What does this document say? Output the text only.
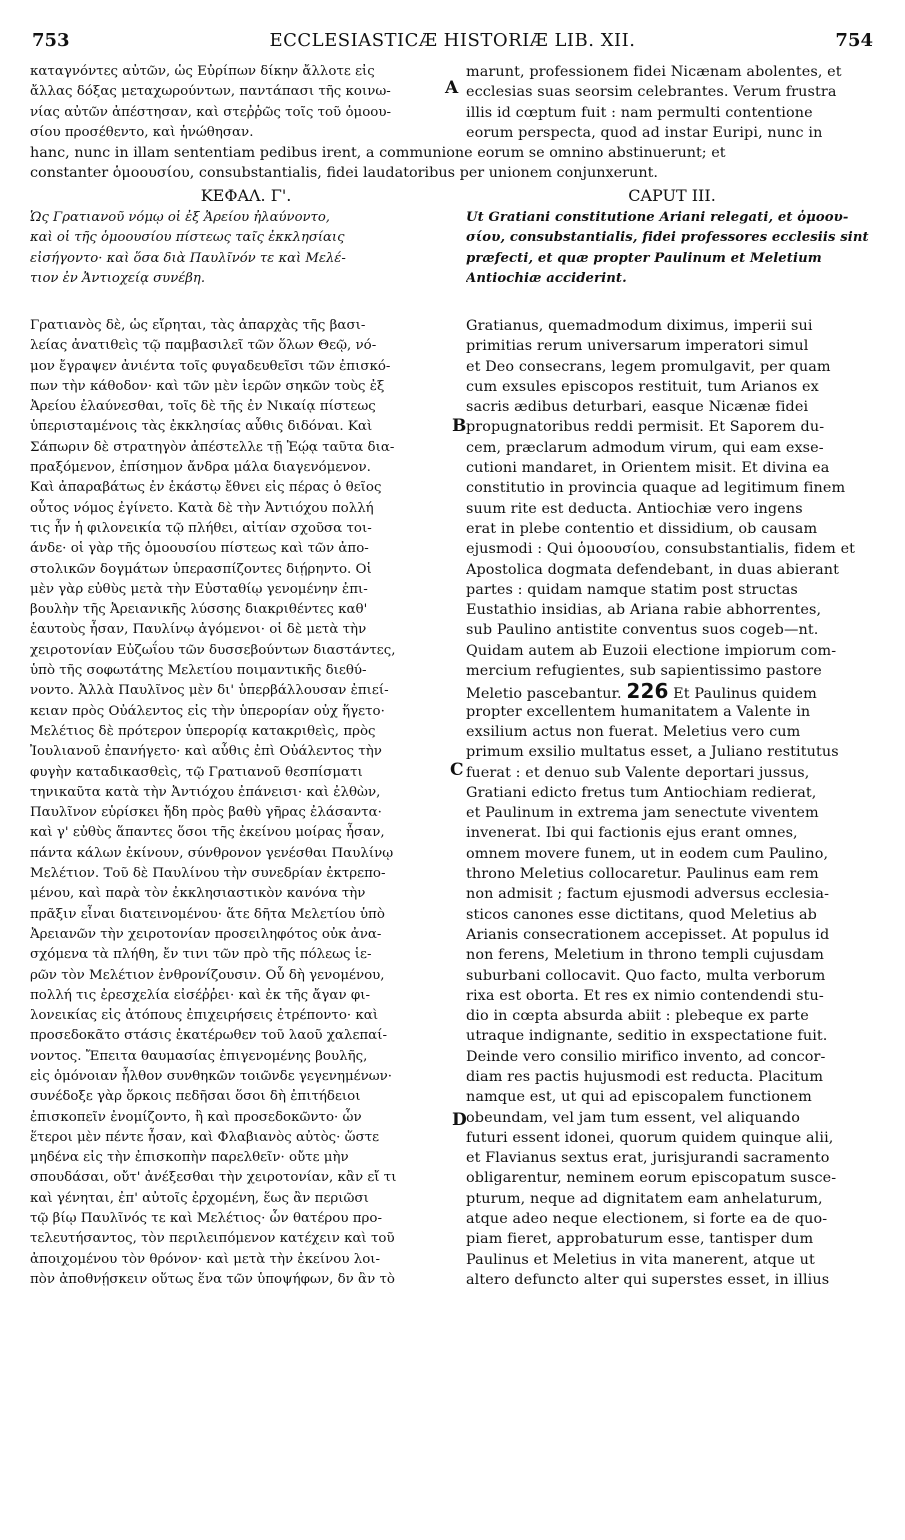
753	ECCLESIASTICÆ HISTORIÆ LIB. XII.	754
καταγνόντες αὐτῶν, ὡς Εὐρίπων δίκην ἄλλοτε εἰς
ἄλλας δόξας μεταχωρούντων, παντάπασι τῆς κοινω-
νίας αὐτῶν ἀπέστησαν, καὶ στεῤῥῶς τοῖς τοῦ ὁμοου-
σίου προσέθεντο, καὶ ἡνώθησαν.
marunt, professionem fidei Nicænam abolentes, et
ecclesias suas seorsim celebrantes. Verum frustra
illis id cœptum fuit : nam permulti contentione
eorum perspecta, quod ad instar Euripi, nunc in
hanc, nunc in illam sententiam pedibus irent, a communione eorum se omnino abstinuerunt; et
constanter ὁμοουσίου, consubstantialis, fidei laudatoribus per unionem conjunxerunt.
ΚΕΦΑΛ. Γ'.	CAPUT III.
Ὡς Γρατιανοῦ νόμῳ οἱ ἐξ Ἀρείου ἠλαύνοντο,
καὶ οἱ τῆς ὁμοουσίου πίστεως ταῖς ἐκκλησίαις
εἰσήγοντο· καὶ ὅσα διὰ Παυλῖνόν τε καὶ Μελέ-
τιον ἐν Ἀντιοχείᾳ συνέβη.
Ut Gratiani constitutione Ariani relegati, et ὁμοου-
σίου, consubstantialis, fidei professores ecclesiis sint
præfecti, et quæ propter Paulinum et Meletium
Antiochiæ acciderint.
Γρατιανὸς δὲ, ὡς εἴρηται, τὰς ἀπαρχὰς τῆς βασι-
λείας ἀνατιθεὶς τῷ παμβασιλεῖ τῶν ὅλων Θεῷ, νό-
μον ἔγραψεν ἀνιέντα τοῖς φυγαδευθεῖσι τῶν ἐπισκό-
πων τὴν κάθοδον· καὶ τῶν μὲν ἱερῶν σηκῶν τοὺς ἐξ
Ἀρείου ἐλαύνεσθαι, τοῖς δὲ τῆς ἐν Νικαίᾳ πίστεως
ὑπερισταμένοις τὰς ἐκκλησίας αὖθις διδόναι. Καὶ
Σάπωριν δὲ στρατηγὸν ἀπέστελλε τῇ Ἑῴᾳ ταῦτα δια-
πραξόμενον, ἐπίσημον ἄνδρα μάλα διαγενόμενον.
Καὶ ἀπαραβάτως ἐν ἑκάστῳ ἔθνει εἰς πέρας ὁ θεῖος
οὗτος νόμος ἐγίνετο. Κατὰ δὲ τὴν Ἀντιόχου πολλή
τις ἦν ἡ φιλονεικία τῷ πλήθει, αἰτίαν σχοῦσα τοι-
άνδε· οἱ γὰρ τῆς ὁμοουσίου πίστεως καὶ τῶν ἀπο-
στολικῶν δογμάτων ὑπερασπίζοντες διῄρηντο. Οἱ
μὲν γὰρ εὐθὺς μετὰ τὴν Εὐσταθίῳ γενομένην ἐπι-
βουλὴν τῆς Ἀρειανικῆς λύσσης διακριθέντες καθ'
ἑαυτοὺς ἦσαν, Παυλίνῳ ἀγόμενοι· οἱ δὲ μετὰ τὴν
χειροτονίαν Εὐζωΐου τῶν δυσσεβούντων διαστάντες,
ὑπὸ τῆς σοφωτάτης Μελετίου ποιμαντικῆς διεθύ-
νοντο. Ἀλλὰ Παυλῖνος μὲν δι' ὑπερβάλλουσαν ἐπιεί-
κειαν πρὸς Οὐάλεντος εἰς τὴν ὑπερορίαν οὐχ ἥγετο·
Μελέτιος δὲ πρότερον ὑπερορίᾳ κατακριθεὶς, πρὸς
Ἰουλιανοῦ ἐπανήγετο· καὶ αὖθις ἐπὶ Οὐάλεντος τὴν
φυγὴν καταδικασθεὶς, τῷ Γρατιανοῦ θεσπίσματι
τηνικαῦτα κατὰ τὴν Ἀντιόχου ἐπάνεισι· καὶ ἐλθὼν,
Παυλῖνον εὑρίσκει ἤδη πρὸς βαθὺ γῆρας ἐλάσαντα·
καὶ γ' εὐθὺς ἅπαντες ὅσοι τῆς ἐκείνου μοίρας ἦσαν,
πάντα κάλων ἐκίνουν, σύνθρονον γενέσθαι Παυλίνῳ
Μελέτιον. Τοῦ δὲ Παυλίνου τὴν συνεδρίαν ἐκτρεπο-
μένου, καὶ παρὰ τὸν ἐκκλησιαστικὸν κανόνα τὴν
πρᾶξιν εἶναι διατεινομένου· ἅτε δῆτα Μελετίου ὑπὸ
Ἀρειανῶν τὴν χειροτονίαν προσειληφότος οὐκ ἀνα-
σχόμενα τὰ πλήθη, ἔν τινι τῶν πρὸ τῆς πόλεως ἱε-
ρῶν τὸν Μελέτιον ἐνθρονίζουσιν. Οὗ δὴ γενομένου,
πολλή τις ἐρεσχελία εἰσέῤῥει· καὶ ἐκ τῆς ἄγαν φι-
λονεικίας εἰς ἀτόπους ἐπιχειρήσεις ἐτρέποντο· καὶ
προσεδοκᾶτο στάσις ἑκατέρωθεν τοῦ λαοῦ χαλεπαί-
νοντος. Ἔπειτα θαυμασίας ἐπιγενομένης βουλῆς,
εἰς ὁμόνοιαν ἦλθον συνθηκῶν τοιῶνδε γεγενημένων·
συνέδοξε γὰρ ὅρκοις πεδῆσαι ὅσοι δὴ ἐπιτήδειοι
ἐπισκοπεῖν ἐνομίζοντο, ἢ καὶ προσεδοκῶντο· ὧν
ἕτεροι μὲν πέντε ἦσαν, καὶ Φλαβιανὸς αὐτὸς· ὥστε
μηδένα εἰς τὴν ἐπισκοπὴν παρελθεῖν· οὔτε μὴν
σπουδάσαι, οὔτ' ἀνέξεσθαι τὴν χειροτονίαν, κἂν εἴ τι
καὶ γένηται, ἐπ' αὐτοῖς ἐρχομένη, ἕως ἂν περιῶσι
τῷ βίῳ Παυλῖνός τε καὶ Μελέτιος· ὧν θατέρου προ-
τελευτήσαντος, τὸν περιλειπόμενον κατέχειν καὶ τοῦ
ἀποιχομένου τὸν θρόνον· καὶ μετὰ τὴν ἐκείνου λοι-
πὸν ἀποθνῄσκειν οὕτως ἕνα τῶν ὑποψήφων, δν ἂν τὸ
Gratianus, quemadmodum diximus, imperii sui
primitias rerum universarum imperatori simul
et Deo consecrans, legem promulgavit, per quam
cum exsules episcopos restituit, tum Arianos ex
sacris ædibus deturbari, easque Nicænæ fidei
propugnatoribus reddi permisit. Et Saporem du-
cem, præclarum admodum virum, qui eam exse-
cutioni mandaret, in Orientem misit. Et divina ea
constitutio in provincia quaque ad legitimum finem
suum rite est deducta. Antiochiæ vero ingens
erat in plebe contentio et dissidium, ob causam
ejusmodi : Qui ὁμοουσίου, consubstantialis, fidem et
Apostolica dogmata defendebant, in duas abierant
partes : quidam namque statim post structas
Eustathio insidias, ab Ariana rabie abhorrentes,
sub Paulino antistite conventus suos cogeb—nt.
Quidam autem ab Euzoii electione impiorum com-
mercium refugientes, sub sapientissimo pastore
Meletio pascebantur. 226 Et Paulinus quidem
propter excellentem humanitatem a Valente in
exsilium actus non fuerat. Meletius vero cum
primum exsilio multatus esset, a Juliano restitutus
fuerat : et denuo sub Valente deportari jussus,
Gratiani edicto fretus tum Antiochiam redierat,
et Paulinum in extrema jam senectute viventem
invenerat. Ibi qui factionis ejus erant omnes,
omnem movere funem, ut in eodem cum Paulino,
throno Meletius collocaretur. Paulinus eam rem
non admisit ; factum ejusmodi adversus ecclesia-
sticos canones esse dictitans, quod Meletius ab
Arianis consecrationem accepisset. At populus id
non ferens, Meletium in throno templi cujusdam
suburbani collocavit. Quo facto, multa verborum
rixa est oborta. Et res ex nimio contendendi stu-
dio in cœpta absurda abiit : plebeque ex parte
utraque indignante, seditio in exspectatione fuit.
Deinde vero consilio mirifico invento, ad concor-
diam res pactis hujusmodi est reducta. Placitum
namque est, ut qui ad episcopalem functionem
obeundam, vel jam tum essent, vel aliquando
futuri essent idonei, quorum quidem quinque alii,
et Flavianus sextus erat, jurisjurandi sacramento
obligarentur, neminem eorum episcopatum susce-
pturum, neque ad dignitatem eam anhelaturum,
atque adeo neque electionem, si forte ea de quo-
piam fieret, approbaturum esse, tantisper dum
Paulinus et Meletius in vita manerent, atque ut
altero defuncto alter qui superstes esset, in illius
A
B
C
D
